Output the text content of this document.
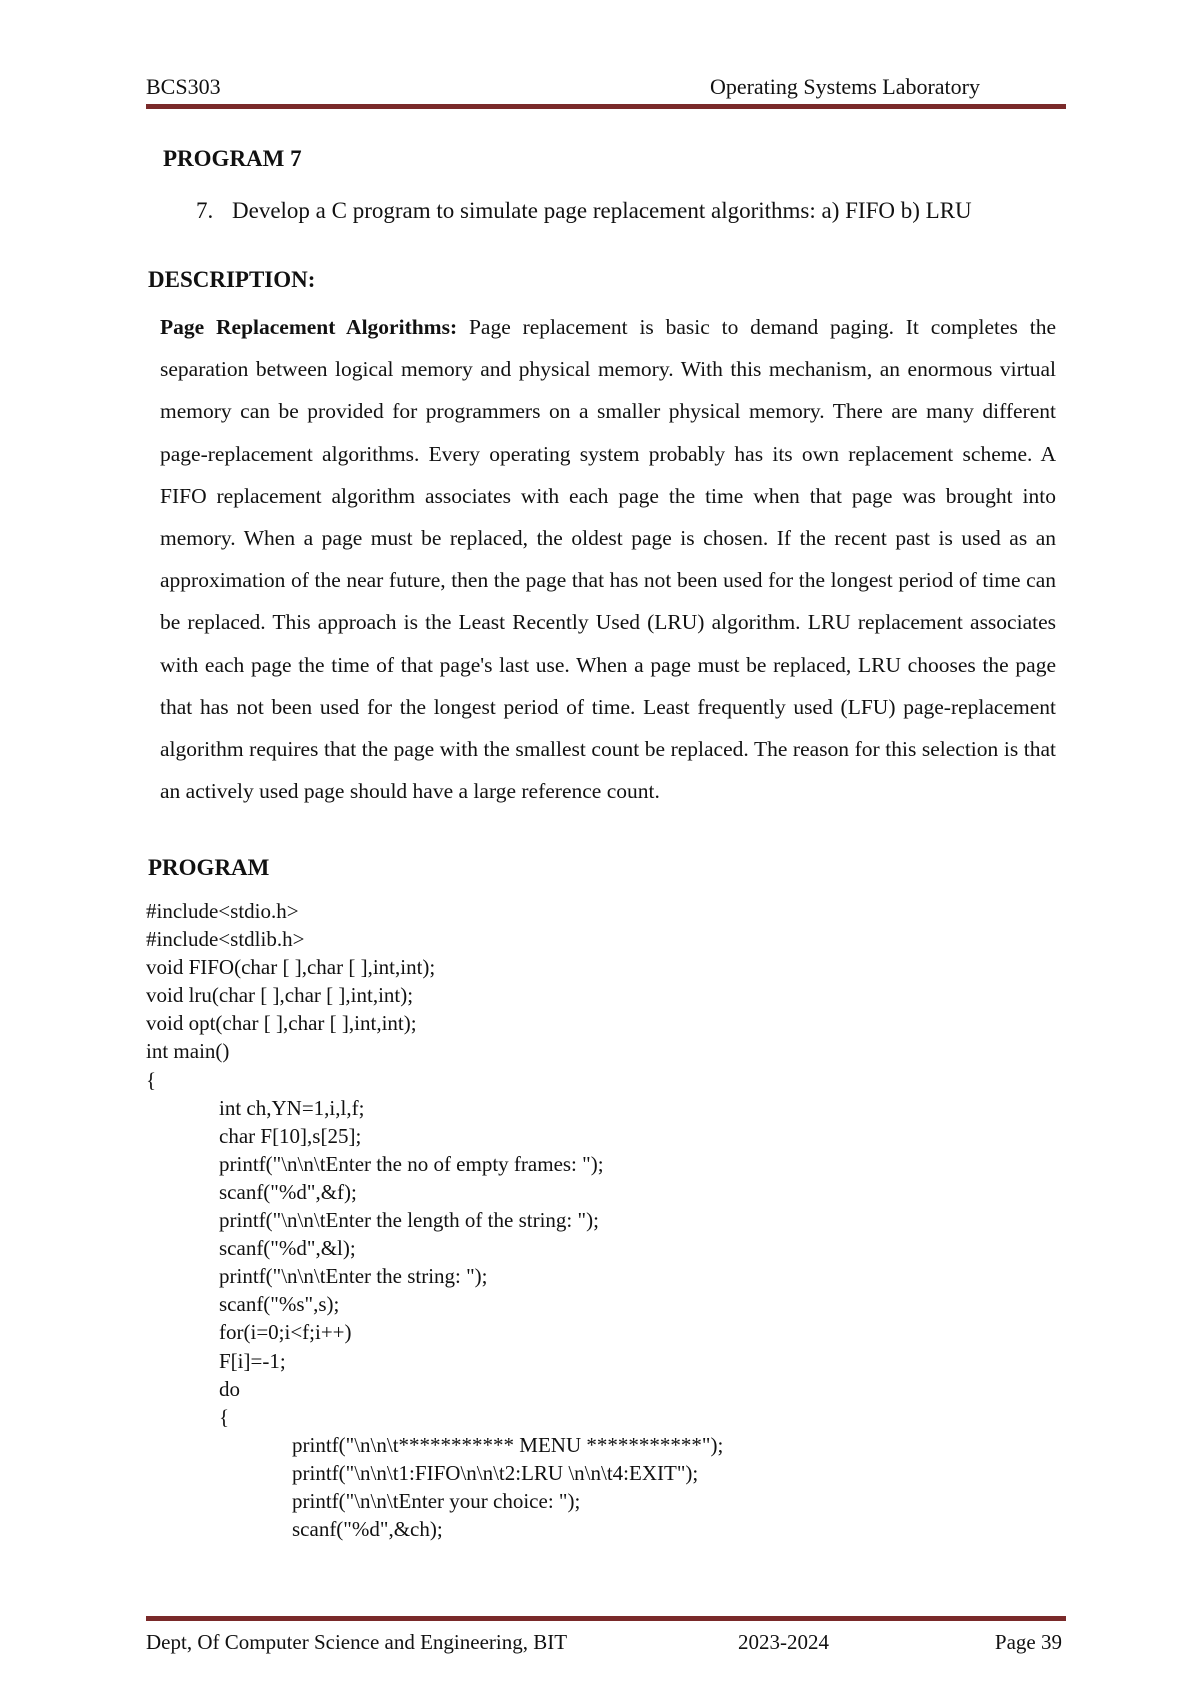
BCS303	Operating Systems Laboratory
PROGRAM 7
7. Develop a C program to simulate page replacement algorithms: a) FIFO b) LRU
DESCRIPTION:
Page Replacement Algorithms: Page replacement is basic to demand paging. It completes the separation between logical memory and physical memory. With this mechanism, an enormous virtual memory can be provided for programmers on a smaller physical memory. There are many different page-replacement algorithms. Every operating system probably has its own replacement scheme. A FIFO replacement algorithm associates with each page the time when that page was brought into memory. When a page must be replaced, the oldest page is chosen. If the recent past is used as an approximation of the near future, then the page that has not been used for the longest period of time can be replaced. This approach is the Least Recently Used (LRU) algorithm. LRU replacement associates with each page the time of that page's last use. When a page must be replaced, LRU chooses the page that has not been used for the longest period of time. Least frequently used (LFU) page-replacement algorithm requires that the page with the smallest count be replaced. The reason for this selection is that an actively used page should have a large reference count.
PROGRAM
#include<stdio.h>
#include<stdlib.h>
void FIFO(char [ ],char [ ],int,int);
void lru(char [ ],char [ ],int,int);
void opt(char [ ],char [ ],int,int);
int main()
{
int ch,YN=1,i,l,f;
char F[10],s[25];
printf("\n\n\tEnter the no of empty frames: ");
scanf("%d",&f);
printf("\n\n\tEnter the length of the string: ");
scanf("%d",&l);
printf("\n\n\tEnter the string: ");
scanf("%s",s);
for(i=0;i<f;i++)
F[i]=-1;
do
{
printf("\n\n\t*********** MENU ***********");
printf("\n\n\t1:FIFO\n\n\t2:LRU \n\n\t4:EXIT");
printf("\n\n\tEnter your choice: ");
scanf("%d",&ch);
Dept, Of Computer Science and Engineering, BIT	2023-2024	Page 39
